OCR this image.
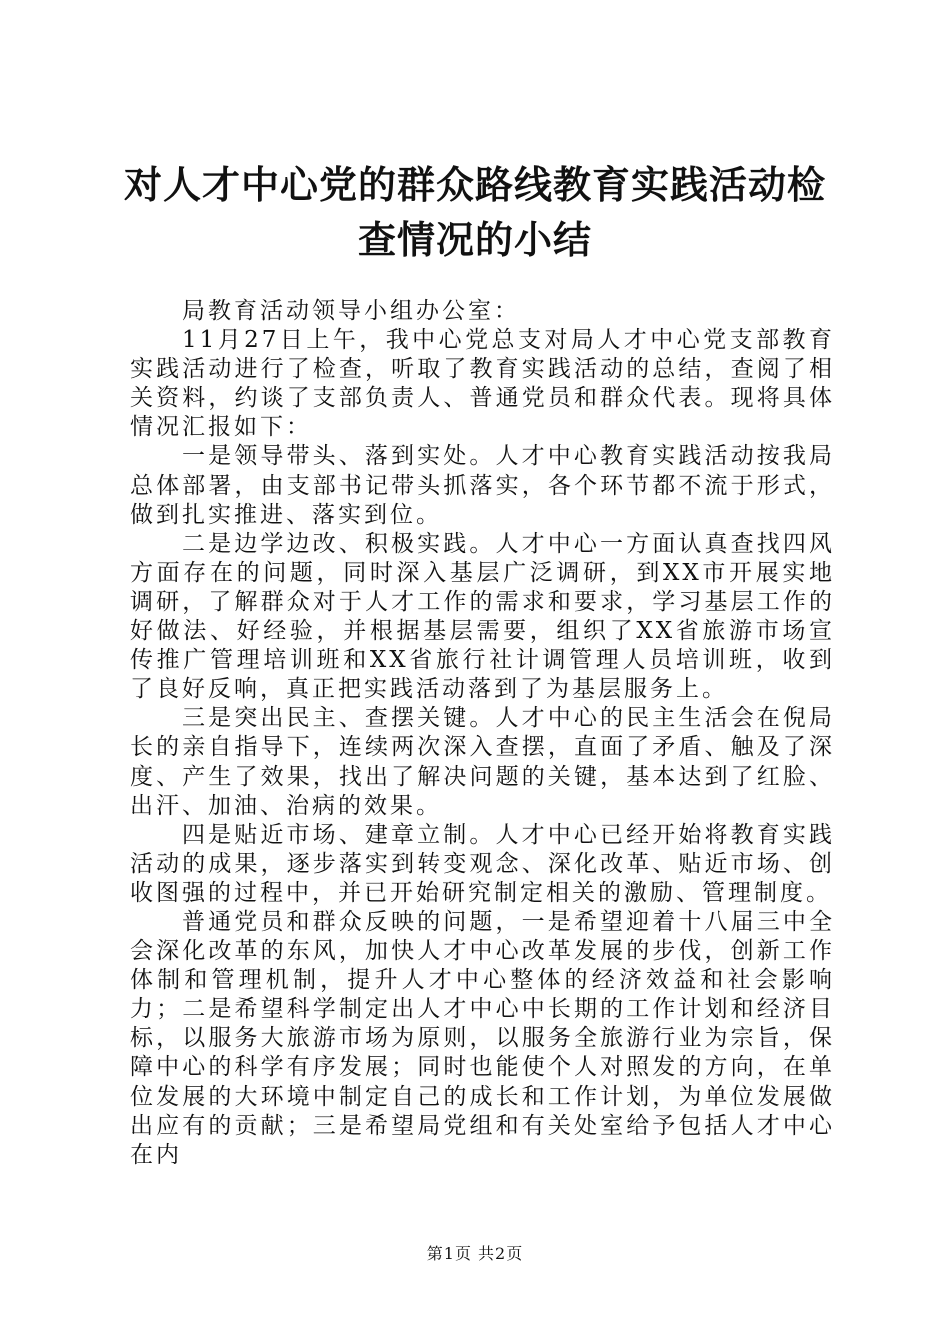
对人才中心党的群众路线教育实践活动检查情况的小结

局教育活动领导小组办公室：

11月27日上午，我中心党总支对局人才中心党支部教育实践活动进行了检查，听取了教育实践活动的总结，查阅了相关资料，约谈了支部负责人、普通党员和群众代表。现将具体情况汇报如下：

一是领导带头、落到实处。人才中心教育实践活动按我局总体部署，由支部书记带头抓落实，各个环节都不流于形式，做到扎实推进、落实到位。

二是边学边改、积极实践。人才中心一方面认真查找四风方面存在的问题，同时深入基层广泛调研，到XX市开展实地调研，了解群众对于人才工作的需求和要求，学习基层工作的好做法、好经验，并根据基层需要，组织了XX省旅游市场宣传推广管理培训班和XX省旅行社计调管理人员培训班，收到了良好反响，真正把实践活动落到了为基层服务上。

三是突出民主、查摆关键。人才中心的民主生活会在倪局长的亲自指导下，连续两次深入查摆，直面了矛盾、触及了深度、产生了效果，找出了解决问题的关键，基本达到了红脸、出汗、加油、治病的效果。

四是贴近市场、建章立制。人才中心已经开始将教育实践活动的成果，逐步落实到转变观念、深化改革、贴近市场、创收图强的过程中，并已开始研究制定相关的激励、管理制度。

普通党员和群众反映的问题，一是希望迎着十八届三中全会深化改革的东风，加快人才中心改革发展的步伐，创新工作体制和管理机制，提升人才中心整体的经济效益和社会影响力；二是希望科学制定出人才中心中长期的工作计划和经济目标，以服务大旅游市场为原则，以服务全旅游行业为宗旨，保障中心的科学有序发展；同时也能使个人对照发的方向，在单位发展的大环境中制定自己的成长和工作计划，为单位发展做出应有的贡献；三是希望局党组和有关处室给予包括人才中心在内

第1页 共2页
